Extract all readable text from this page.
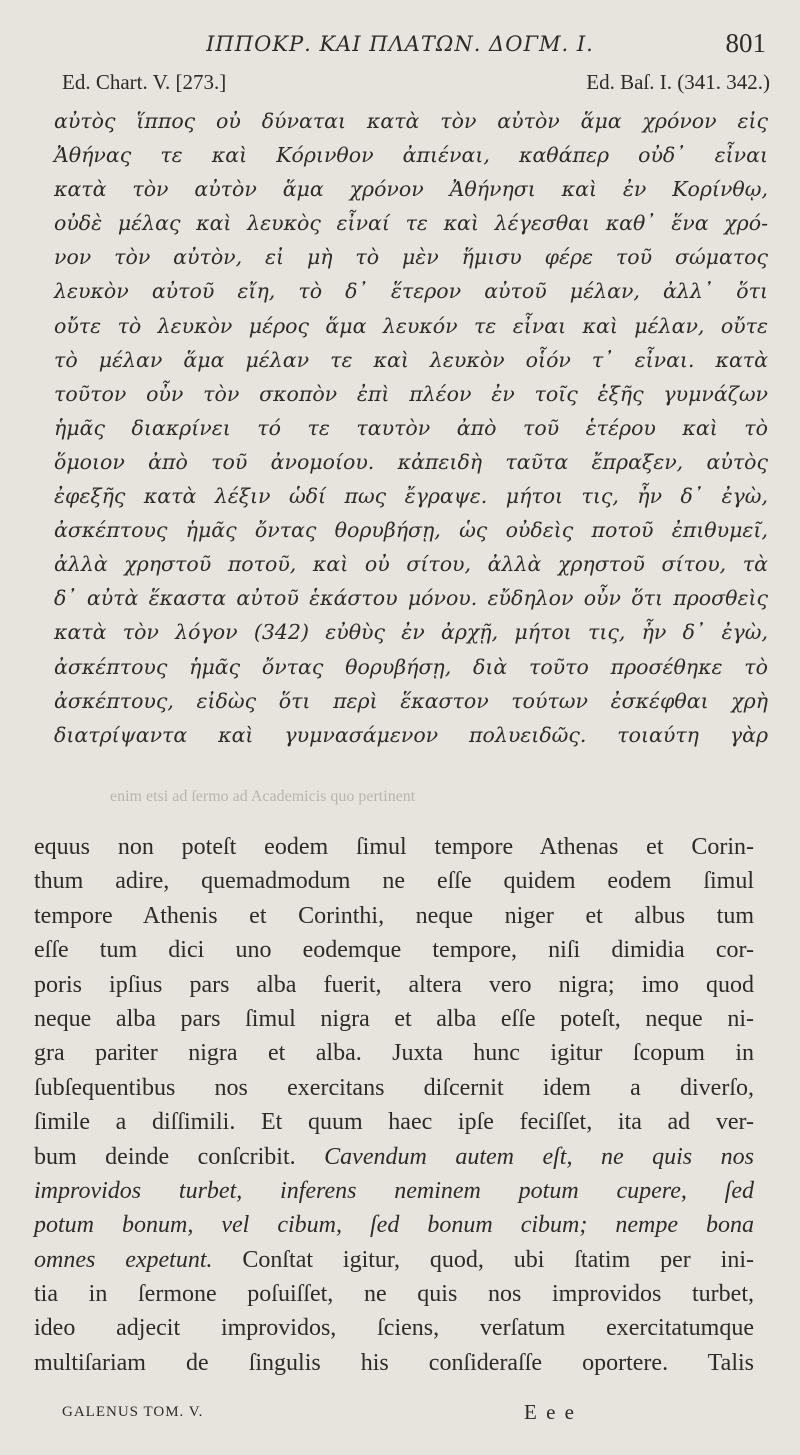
ΙΠΠΟΚΡ. ΚΑΙ ΠΛΑΤΩΝ. ΔΟΓΜ. Ι.	801
Ed. Chart. V. [273.]	Ed. Baſ. I. (341. 342.)
αὐτὸς ἵππος οὐ δύναται κατὰ τὸν αὐτὸν ἅμα χρόνον εἰς
Ἀθήνας τε καὶ Κόρινθον ἀπιέναι, καθάπερ οὐδ᾽ εἶναι
κατὰ τὸν αὐτὸν ἅμα χρόνον Ἀθήνησι καὶ ἐν Κορίνθῳ,
οὐδὲ μέλας καὶ λευκὸς εἶναί τε καὶ λέγεσθαι καθ᾽ ἕνα χρό-
νον τὸν αὐτὸν, εἰ μὴ τὸ μὲν ἥμισυ φέρε τοῦ σώματος
λευκὸν αὐτοῦ εἴη, τὸ δ᾽ ἕτερον αὐτοῦ μέλαν, ἀλλ᾽ ὅτι
οὔτε τὸ λευκὸν μέρος ἅμα λευκόν τε εἶναι καὶ μέλαν, οὔτε
τὸ μέλαν ἅμα μέλαν τε καὶ λευκὸν οἷόν τ᾽ εἶναι. κατὰ
τοῦτον οὖν τὸν σκοπὸν ἐπὶ πλέον ἐν τοῖς ἑξῆς γυμνάζων
ἡμᾶς διακρίνει τό τε ταυτὸν ἀπὸ τοῦ ἑτέρου καὶ τὸ
ὅμοιον ἀπὸ τοῦ ἀνομοίου. κἀπειδὴ ταῦτα ἔπραξεν, αὐτὸς
ἐφεξῆς κατὰ λέξιν ὡδί πως ἔγραψε. μήτοι τις, ἦν δ᾽ ἐγὼ,
ἀσκέπτους ἡμᾶς ὄντας θορυβήσῃ, ὡς οὐδεὶς ποτοῦ ἐπιθυμεῖ,
ἀλλὰ χρηστοῦ ποτοῦ, καὶ οὐ σίτου, ἀλλὰ χρηστοῦ σίτου, τὰ
δ᾽ αὐτὰ ἕκαστα αὐτοῦ ἑκάστου μόνου. εὔδηλον οὖν ὅτι προσθεὶς
κατὰ τὸν λόγον (342) εὐθὺς ἐν ἀρχῇ, μήτοι τις, ἦν δ᾽ ἐγὼ,
ἀσκέπτους ἡμᾶς ὄντας θορυβήσῃ, διὰ τοῦτο προσέθηκε τὸ
ἀσκέπτους, εἰδὼς ὅτι περὶ ἕκαστον τούτων ἐσκέφθαι χρὴ
διατρίψαντα καὶ γυμνασάμενον πολυειδῶς. τοιαύτη γὰρ
enim etsi ad ſermo ad Academicis quo pertinent
equus non poteſt eodem ſimul tempore Athenas et Corin-
thum adire, quemadmodum ne eſſe quidem eodem ſimul
tempore Athenis et Corinthi, neque niger et albus tum
eſſe tum dici uno eodemque tempore, niſi dimidia cor-
poris ipſius pars alba fuerit, altera vero nigra; imo quod
neque alba pars ſimul nigra et alba eſſe poteſt, neque ni-
gra pariter nigra et alba. Juxta hunc igitur ſcopum in
ſubſequentibus nos exercitans diſcernit idem a diverſo,
ſimile a diſſimili. Et quum haec ipſe feciſſet, ita ad ver-
bum deinde conſcribit. Cavendum autem eſt, ne quis nos
improvidos turbet, inferens neminem potum cupere, ſed
potum bonum, vel cibum, ſed bonum cibum; nempe bona
omnes expetunt. Conſtat igitur, quod, ubi ſtatim per ini-
tia in ſermone poſuiſſet, ne quis nos improvidos turbet,
ideo adjecit improvidos, ſciens, verſatum exercitatumque
multiſariam de ſingulis his conſideraſſe oportere. Talis
GALENUS TOM. V.	E e e
